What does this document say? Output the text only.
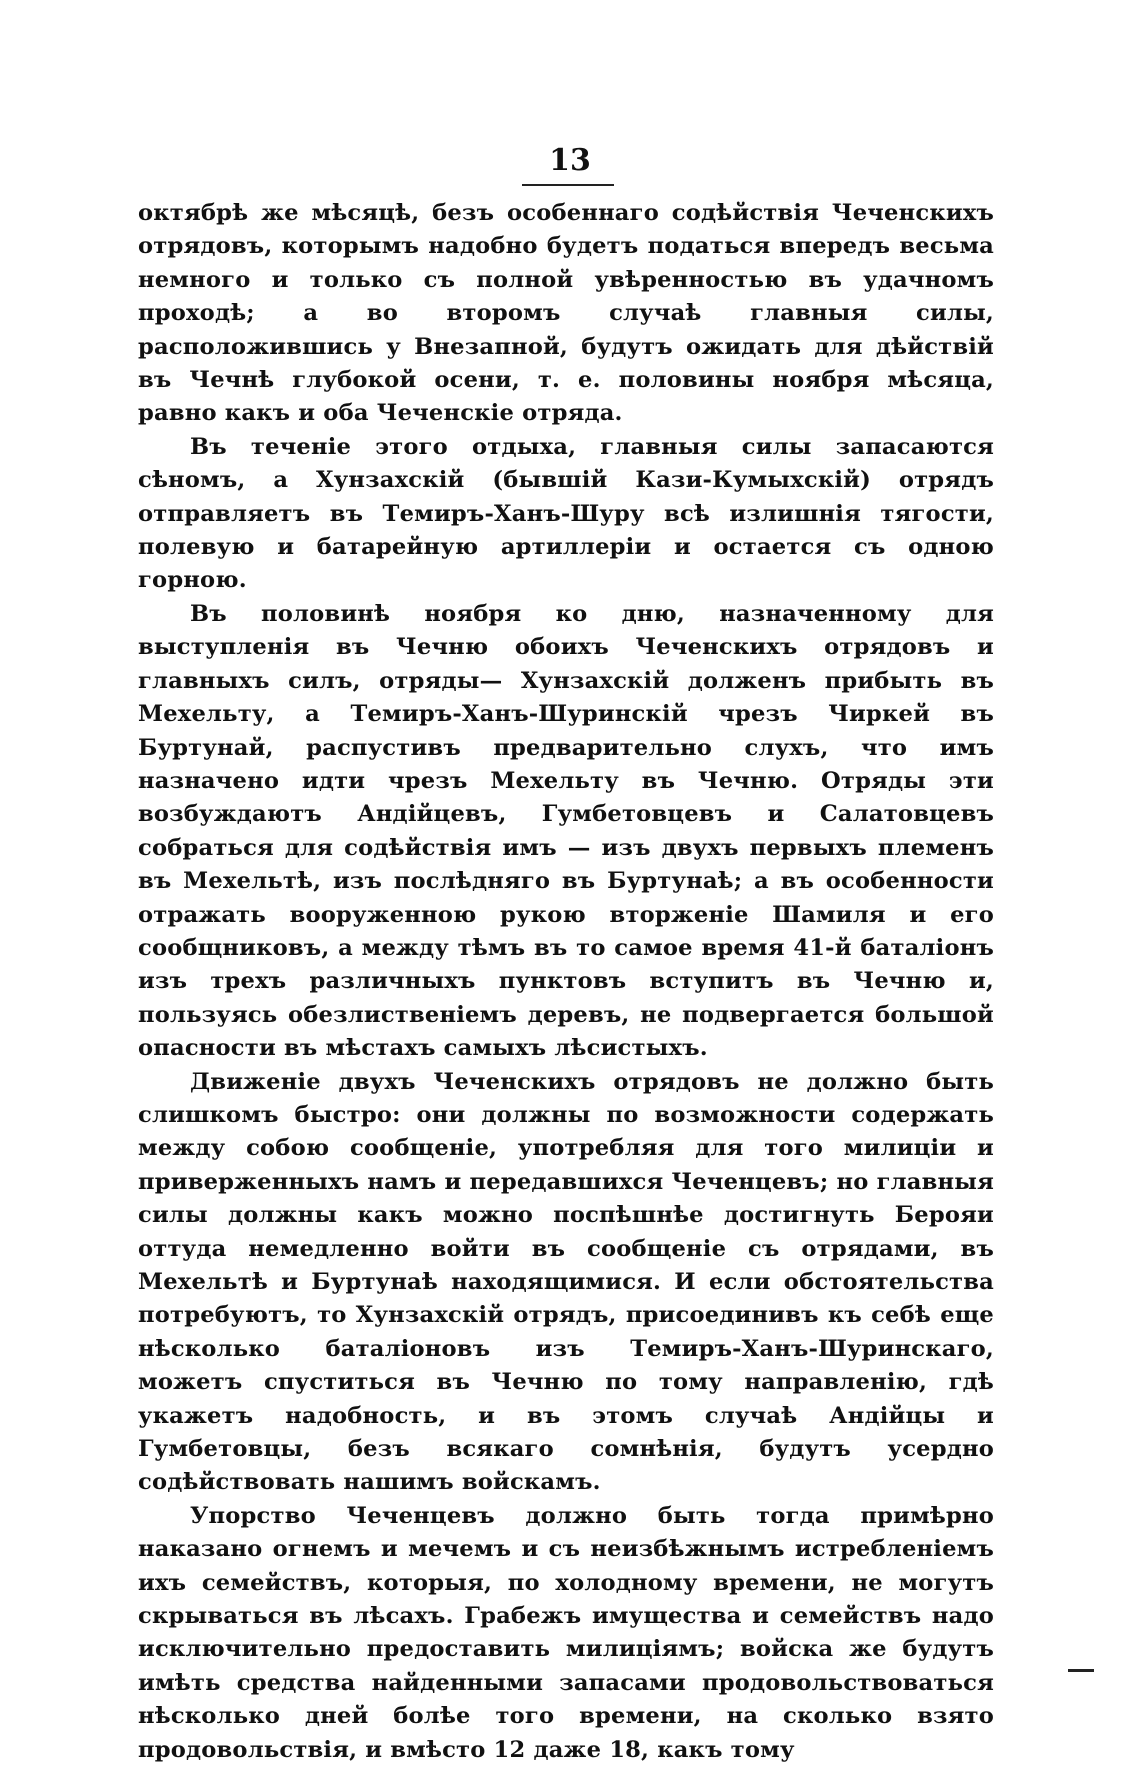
13

октябрѣ же мѣсяцѣ, безъ особеннаго содѣйствія Чеченскихъ отрядовъ, которымъ надобно будетъ податься впередъ весьма немного и только съ полной увѣренностью въ удачномъ проходѣ; а во второмъ случаѣ главныя силы, расположившись у Внезапной, будутъ ожидать для дѣйствій въ Чечнѣ глубокой осени, т. е. половины ноября мѣсяца, равно какъ и оба Чеченскіе отряда.

Въ теченіе этого отдыха, главныя силы запасаются сѣномъ, а Хунзахскій (бывшій Кази-Кумыхскій) отрядъ отправляетъ въ Темиръ-Ханъ-Шуру всѣ излишнія тягости, полевую и батарейную артиллеріи и остается съ одною горною.

Въ половинѣ ноября ко дню, назначенному для выступленія въ Чечню обоихъ Чеченскихъ отрядовъ и главныхъ силъ, отряды— Хунзахскій долженъ прибыть въ Мехельту, а Темиръ-Ханъ-Шуринскій чрезъ Чиркей въ Буртунай, распустивъ предварительно слухъ, что имъ назначено идти чрезъ Мехельту въ Чечню. Отряды эти возбуждаютъ Андійцевъ, Гумбетовцевъ и Салатовцевъ собраться для содѣйствія имъ — изъ двухъ первыхъ племенъ въ Мехельтѣ, изъ послѣдняго въ Буртунаѣ; а въ особенности отражать вооруженною рукою вторженіе Шамиля и его сообщниковъ, а между тѣмъ въ то самое время 41-й баталіонъ изъ трехъ различныхъ пунктовъ вступитъ въ Чечню и, пользуясь обезлиственіемъ деревъ, не подвергается большой опасности въ мѣстахъ самыхъ лѣсистыхъ.

Движеніе двухъ Чеченскихъ отрядовъ не должно быть слишкомъ быстро: они должны по возможности содержать между собою сообщеніе, употребляя для того милиціи и приверженныхъ намъ и передавшихся Чеченцевъ; но главныя силы должны какъ можно поспѣшнѣе достигнуть Берояи оттуда немедленно войти въ сообщеніе съ отрядами, въ Мехельтѣ и Буртунаѣ находящимися. И если обстоятельства потребуютъ, то Хунзахскій отрядъ, присоединивъ къ себѣ еще нѣсколько баталіоновъ изъ Темиръ-Ханъ-Шуринскаго, можетъ спуститься въ Чечню по тому направленію, гдѣ укажетъ надобность, и въ этомъ случаѣ Андійцы и Гумбетовцы, безъ всякаго сомнѣнія, будутъ усердно содѣйствовать нашимъ войскамъ.

Упорство Чеченцевъ должно быть тогда примѣрно наказано огнемъ и мечемъ и съ неизбѣжнымъ истребленіемъ ихъ семействъ, которыя, по холодному времени, не могутъ скрываться въ лѣсахъ. Грабежъ имущества и семействъ надо исключительно предоставить милиціямъ; войска же будутъ имѣть средства найденными запасами продовольствоваться нѣсколько дней болѣе того времени, на сколько взято продовольствія, и вмѣсто 12 даже 18, какъ тому
